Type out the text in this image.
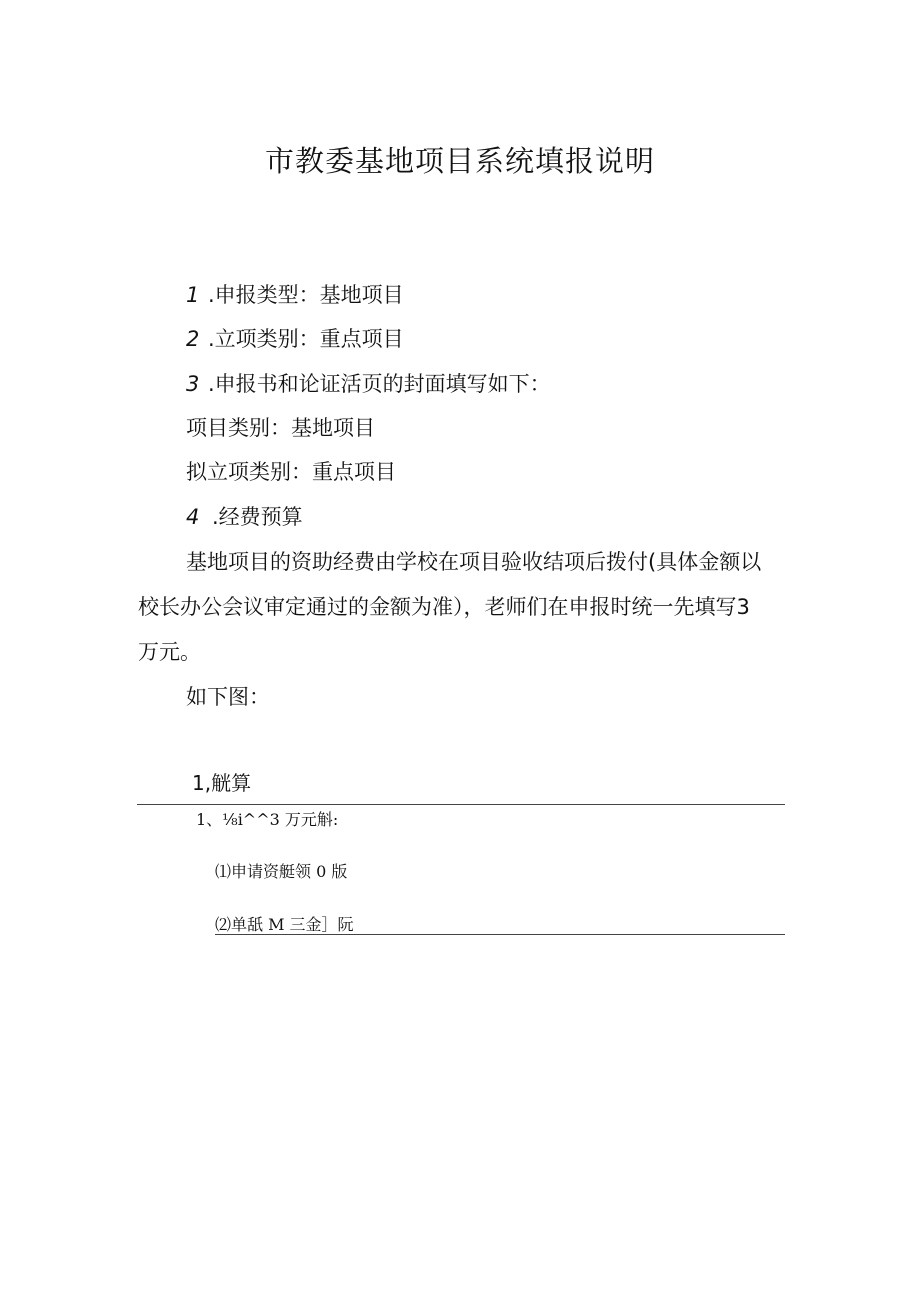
市教委基地项目系统填报说明
1 .申报类型：基地项目
2 .立项类别：重点项目
3 .申报书和论证活页的封面填写如下：
项目类别：基地项目
拟立项类别：重点项目
4 .经费预算
基地项目的资助经费由学校在项目验收结项后拨付(具体金额以
校长办公会议审定通过的金额为准），老师们在申报时统一先填写3
万元。
如下图：
1,觥算
1、⅛i^^3 万元斛:
⑴申请资艇领 0 版
⑵单舐 M 三金］阮
